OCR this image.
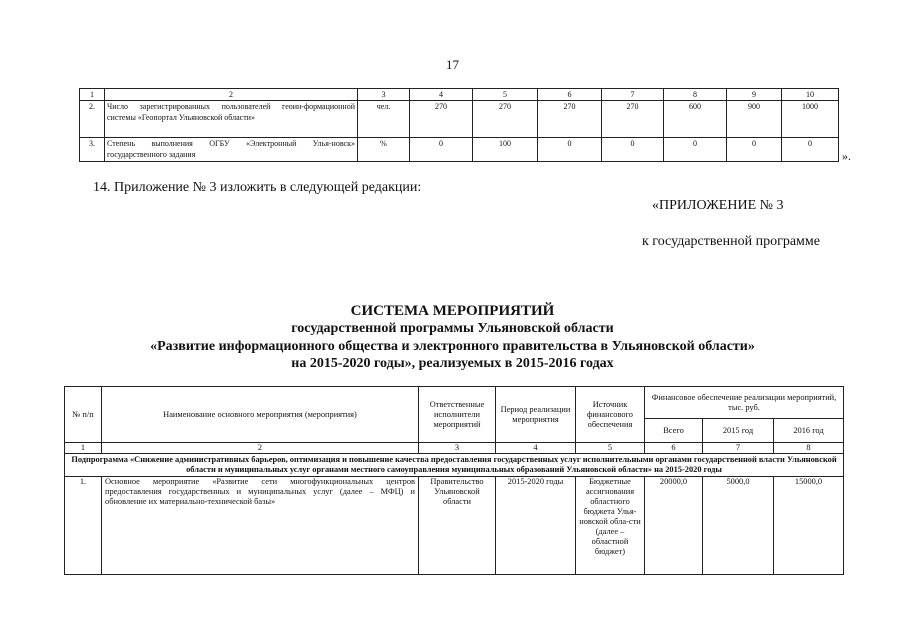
17
1	2	3	4	5	6	7	8	9	10
2.	Число зарегистрированных пользователей геоин-формационной системы «Геопортал Ульяновской области»	чел.	270	270	270	270	600	900	1000
3.	Степень выполнения ОГБУ «Электронный Улья-новск» государственного задания	%	0	100	0	0	0	0	0
».
14. Приложение № 3 изложить в следующей редакции:
«ПРИЛОЖЕНИЕ № 3
к государственной программе
СИСТЕМА МЕРОПРИЯТИЙ
государственной программы Ульяновской области
«Развитие информационного общества и электронного правительства в Ульяновской области»
на 2015-2020 годы», реализуемых в 2015-2016 годах
№ п/п	Наименование основного мероприятия (мероприятия)	Ответственные исполнители мероприятий	Период реализации мероприятия	Источник финансового обеспечения	Финансовое обеспечение реализации мероприятий, тыс. руб.		
					Всего	2015 год	2016 год
1	2	3	4	5	6	7	8
Подпрограмма «Снижение административных барьеров, оптимизация и повышение качества предоставления государственных услуг исполнительными органами государственной власти Ульяновской области и муниципальных услуг органами местного самоуправления муниципальных образований Ульяновской области» на 2015-2020 годы							
1.	Основное мероприятие «Развитие сети многофункциональных центров предоставления государственных и муниципальных услуг (далее – МФЦ) и обновление их материально-технической базы»	Правительство Ульяновской области	2015-2020 годы	Бюджетные ассигнования областного бюджета Улья-новской обла-сти (далее – областной бюджет)	20000,0	5000,0	15000,0
